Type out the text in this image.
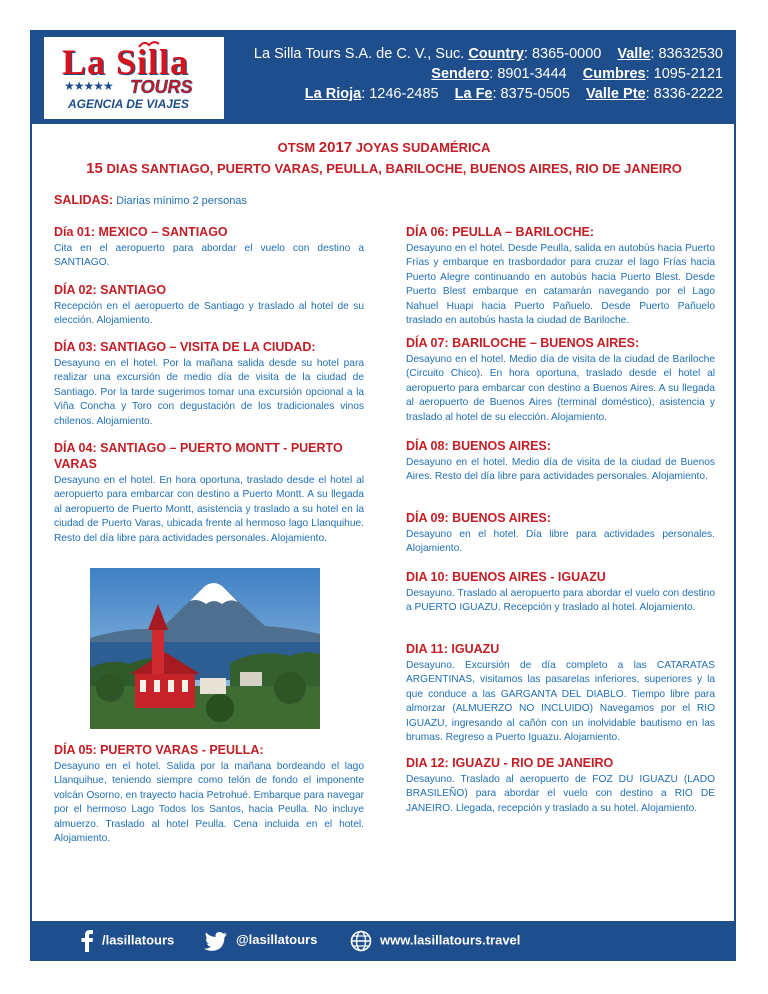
La Silla
★★★★★ TOURS
AGENCIA DE VIAJES
La Silla Tours S.A. de C. V., Suc. Country: 8365-0000 Valle: 83632530
Sendero: 8901-3444 Cumbres: 1095-2121
La Rioja: 1246-2485 La Fe: 8375-0505 Valle Pte: 8336-2222
OTSM 2017 JOYAS SUDAMÉRICA
15 DIAS SANTIAGO, PUERTO VARAS, PEULLA, BARILOCHE, BUENOS AIRES, RIO DE JANEIRO
SALIDAS: Diarias mínimo 2 personas
Día 01: MEXICO – SANTIAGO

Cita en el aeropuerto para abordar el vuelo con destino a SANTIAGO.

DÍA 02: SANTIAGO

Recepción en el aeropuerto de Santiago y traslado al hotel de su elección. Alojamiento.

DÍA 03: SANTIAGO – VISITA DE LA CIUDAD:

Desayuno en el hotel. Por la mañana salida desde su hotel para realizar una excursión de medio día de visita de la ciudad de Santiago. Por la tarde sugerimos tomar una excursión opcional a la Viña Concha y Toro con degustación de los tradicionales vinos chilenos. Alojamiento.

DÍA 04: SANTIAGO – PUERTO MONTT - PUERTO VARAS

Desayuno en el hotel. En hora oportuna, traslado desde el hotel al aeropuerto para embarcar con destino a Puerto Montt. A su llegada al aeropuerto de Puerto Montt, asistencia y traslado a su hotel en la ciudad de Puerto Varas, ubicada frente al hermoso lago Llanquihue. Resto del día libre para actividades personales. Alojamiento.

DÍA 05: PUERTO VARAS - PEULLA:

Desayuno en el hotel. Salida por la mañana bordeando el lago Llanquihue, teniendo siempre como telón de fondo el imponente volcán Osorno, en trayecto hacia Petrohué. Embarque para navegar por el hermoso Lago Todos los Santos, hacia Peulla. No incluye almuerzo. Traslado al hotel Peulla. Cena incluida en el hotel. Alojamiento.

DÍA 06: PEULLA – BARILOCHE:

Desayuno en el hotel. Desde Peulla, salida en autobús hacia Puerto Frías y embarque en trasbordador para cruzar el lago Frías hacia Puerto Alegre continuando en autobús hacia Puerto Blest. Desde Puerto Blest embarque en catamarán navegando por el Lago Nahuel Huapi hacia Puerto Pañuelo. Desde Puerto Pañuelo traslado en autobús hasta la ciudad de Bariloche.

DÍA 07: BARILOCHE – BUENOS AIRES:

Desayuno en el hotel. Medio día de visita de la ciudad de Bariloche (Circuito Chico). En hora oportuna, traslado desde el hotel al aeropuerto para embarcar con destino a Buenos Aires. A su llegada al aeropuerto de Buenos Aires (terminal doméstico), asistencia y traslado al hotel de su elección. Alojamiento.

DÍA 08: BUENOS AIRES:

Desayuno en el hotel. Medio día de visita de la ciudad de Buenos Aires. Resto del día libre para actividades personales. Alojamiento.

DÍA 09: BUENOS AIRES:

Desayuno en el hotel. Día libre para actividades personales. Alojamiento.

DIA 10: BUENOS AIRES - IGUAZU

Desayuno. Traslado al aeropuerto para abordar el vuelo con destino a PUERTO IGUAZU. Recepción y traslado al hotel. Alojamiento.

DIA 11: IGUAZU

Desayuno. Excursión de día completo a las CATARATAS ARGENTINAS, visitamos las pasarelas inferiores, superiores y la que conduce a las GARGANTA DEL DIABLO. Tiempo libre para almorzar (ALMUERZO NO INCLUIDO) Navegamos por el RIO IGUAZU, ingresando al cañón con un inolvidable bautismo en las brumas. Regreso a Puerto Iguazu. Alojamiento.

DIA 12: IGUAZU - RIO DE JANEIRO

Desayuno. Traslado al aeropuerto de FOZ DU IGUAZU (LADO BRASILEÑO) para abordar el vuelo con destino a RIO DE JANEIRO. Llegada, recepción y traslado a su hotel. Alojamiento.

/lasillatours	@lasillatours	www.lasillatours.travel
